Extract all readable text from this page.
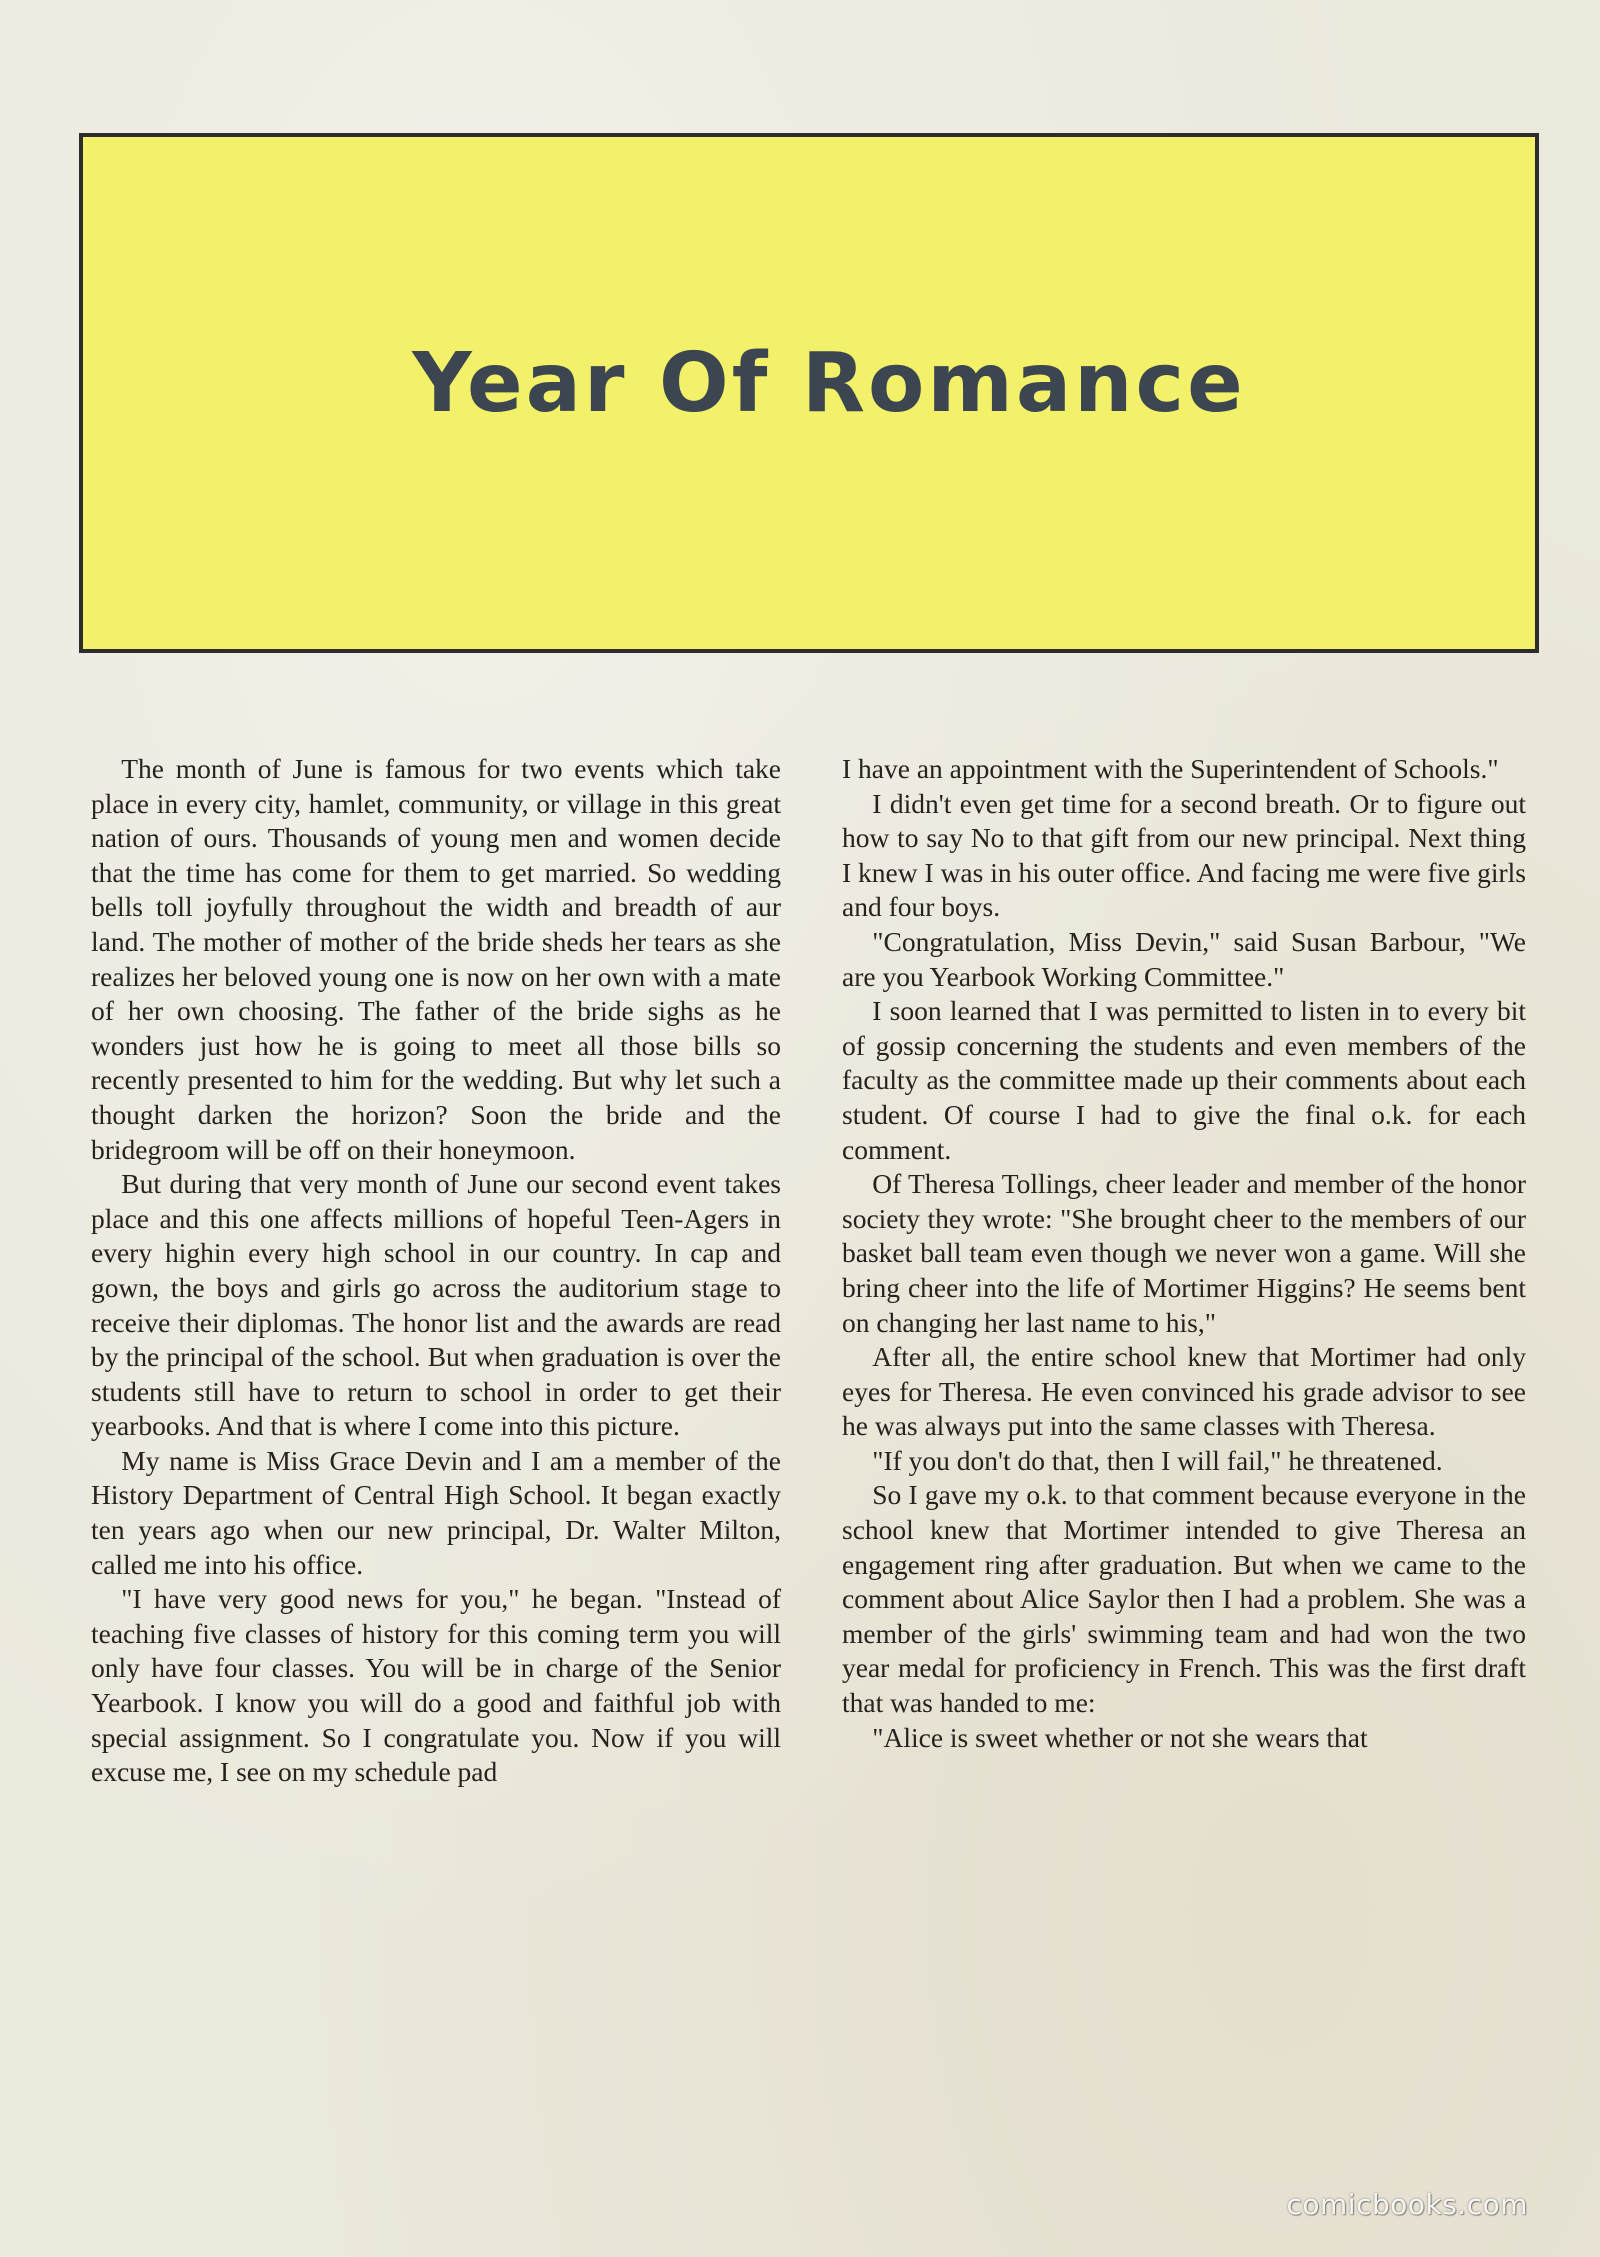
Year Of Romance

The month of June is famous for two events which take place in every city, hamlet, community, or village in this great nation of ours. Thousands of young men and women decide that the time has come for them to get married. So wedding bells toll joyfully throughout the width and breadth of aur land. The mother of mother of the bride sheds her tears as she realizes her beloved young one is now on her own with a mate of her own choosing. The father of the bride sighs as he wonders just how he is going to meet all those bills so recently presented to him for the wedding. But why let such a thought darken the horizon? Soon the bride and the bridegroom will be off on their honeymoon.

But during that very month of June our second event takes place and this one affects millions of hopeful Teen-Agers in every highin every high school in our country. In cap and gown, the boys and girls go across the auditorium stage to receive their diplomas. The honor list and the awards are read by the principal of the school. But when graduation is over the students still have to return to school in order to get their yearbooks. And that is where I come into this picture.

My name is Miss Grace Devin and I am a member of the History Department of Central High School. It began exactly ten years ago when our new principal, Dr. Walter Milton, called me into his office.

"I have very good news for you," he began. "Instead of teaching five classes of history for this coming term you will only have four classes. You will be in charge of the Senior Yearbook. I know you will do a good and faithful job with special assignment. So I congratulate you. Now if you will excuse me, I see on my schedule pad

I have an appointment with the Superintendent of Schools."

I didn't even get time for a second breath. Or to figure out how to say No to that gift from our new principal. Next thing I knew I was in his outer office. And facing me were five girls and four boys.

"Congratulation, Miss Devin," said Susan Barbour, "We are you Yearbook Working Committee."

I soon learned that I was permitted to listen in to every bit of gossip concerning the students and even members of the faculty as the committee made up their comments about each student. Of course I had to give the final o.k. for each comment.

Of Theresa Tollings, cheer leader and member of the honor society they wrote: "She brought cheer to the members of our basket ball team even though we never won a game. Will she bring cheer into the life of Mortimer Higgins? He seems bent on changing her last name to his,"

After all, the entire school knew that Mortimer had only eyes for Theresa. He even convinced his grade advisor to see he was always put into the same classes with Theresa.

"If you don't do that, then I will fail," he threatened.

So I gave my o.k. to that comment because everyone in the school knew that Mortimer intended to give Theresa an engagement ring after graduation. But when we came to the comment about Alice Saylor then I had a problem. She was a member of the girls' swimming team and had won the two year medal for proficiency in French. This was the first draft that was handed to me:

"Alice is sweet whether or not she wears that

comicbooks.com
